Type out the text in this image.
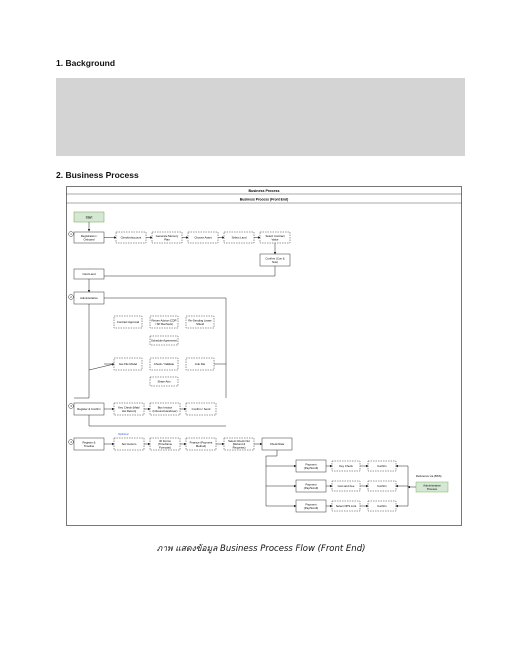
1. Background
2. Business Process
Business Process
Business Process (Front End)
Start
1	Registration /
Onboard	Checkin/account	Generate Memory
Plan	Choose Asset	Select Land	Select Contract
Value
Confirm (Con &
Nok)
Card Land
2	Administration
Contract Approval	Return Advice (CDP
/ SP Recheck)
Re-Sending Lease
Shield
Schedule Agreement
Get File Model	Check / Validate	Link File
Share Attn
3
Register & Confirm	Key Check (Matt/
Hot Return)
Bus Invoice
(Inbound Handover)	Confirm / Send
4
Optional
Register &
Timeline	Set Custom
ID Forms
(Timeframe
Forecast)
Finance (Payment
Method)
Select Check Out
(Refund &
Requests)
Check Rate
Payment
(Pay/Scroll)	Key Check	Confirm
Payment
(Pay/Scroll)	Cost and Fee	Confirm
Payment
(Pay/Scroll)	Select OPS Link	Confirm
Reference via (BSS)
Administrative
Process
ภาพ แสดงข้อมูล Business Process Flow (Front End)
